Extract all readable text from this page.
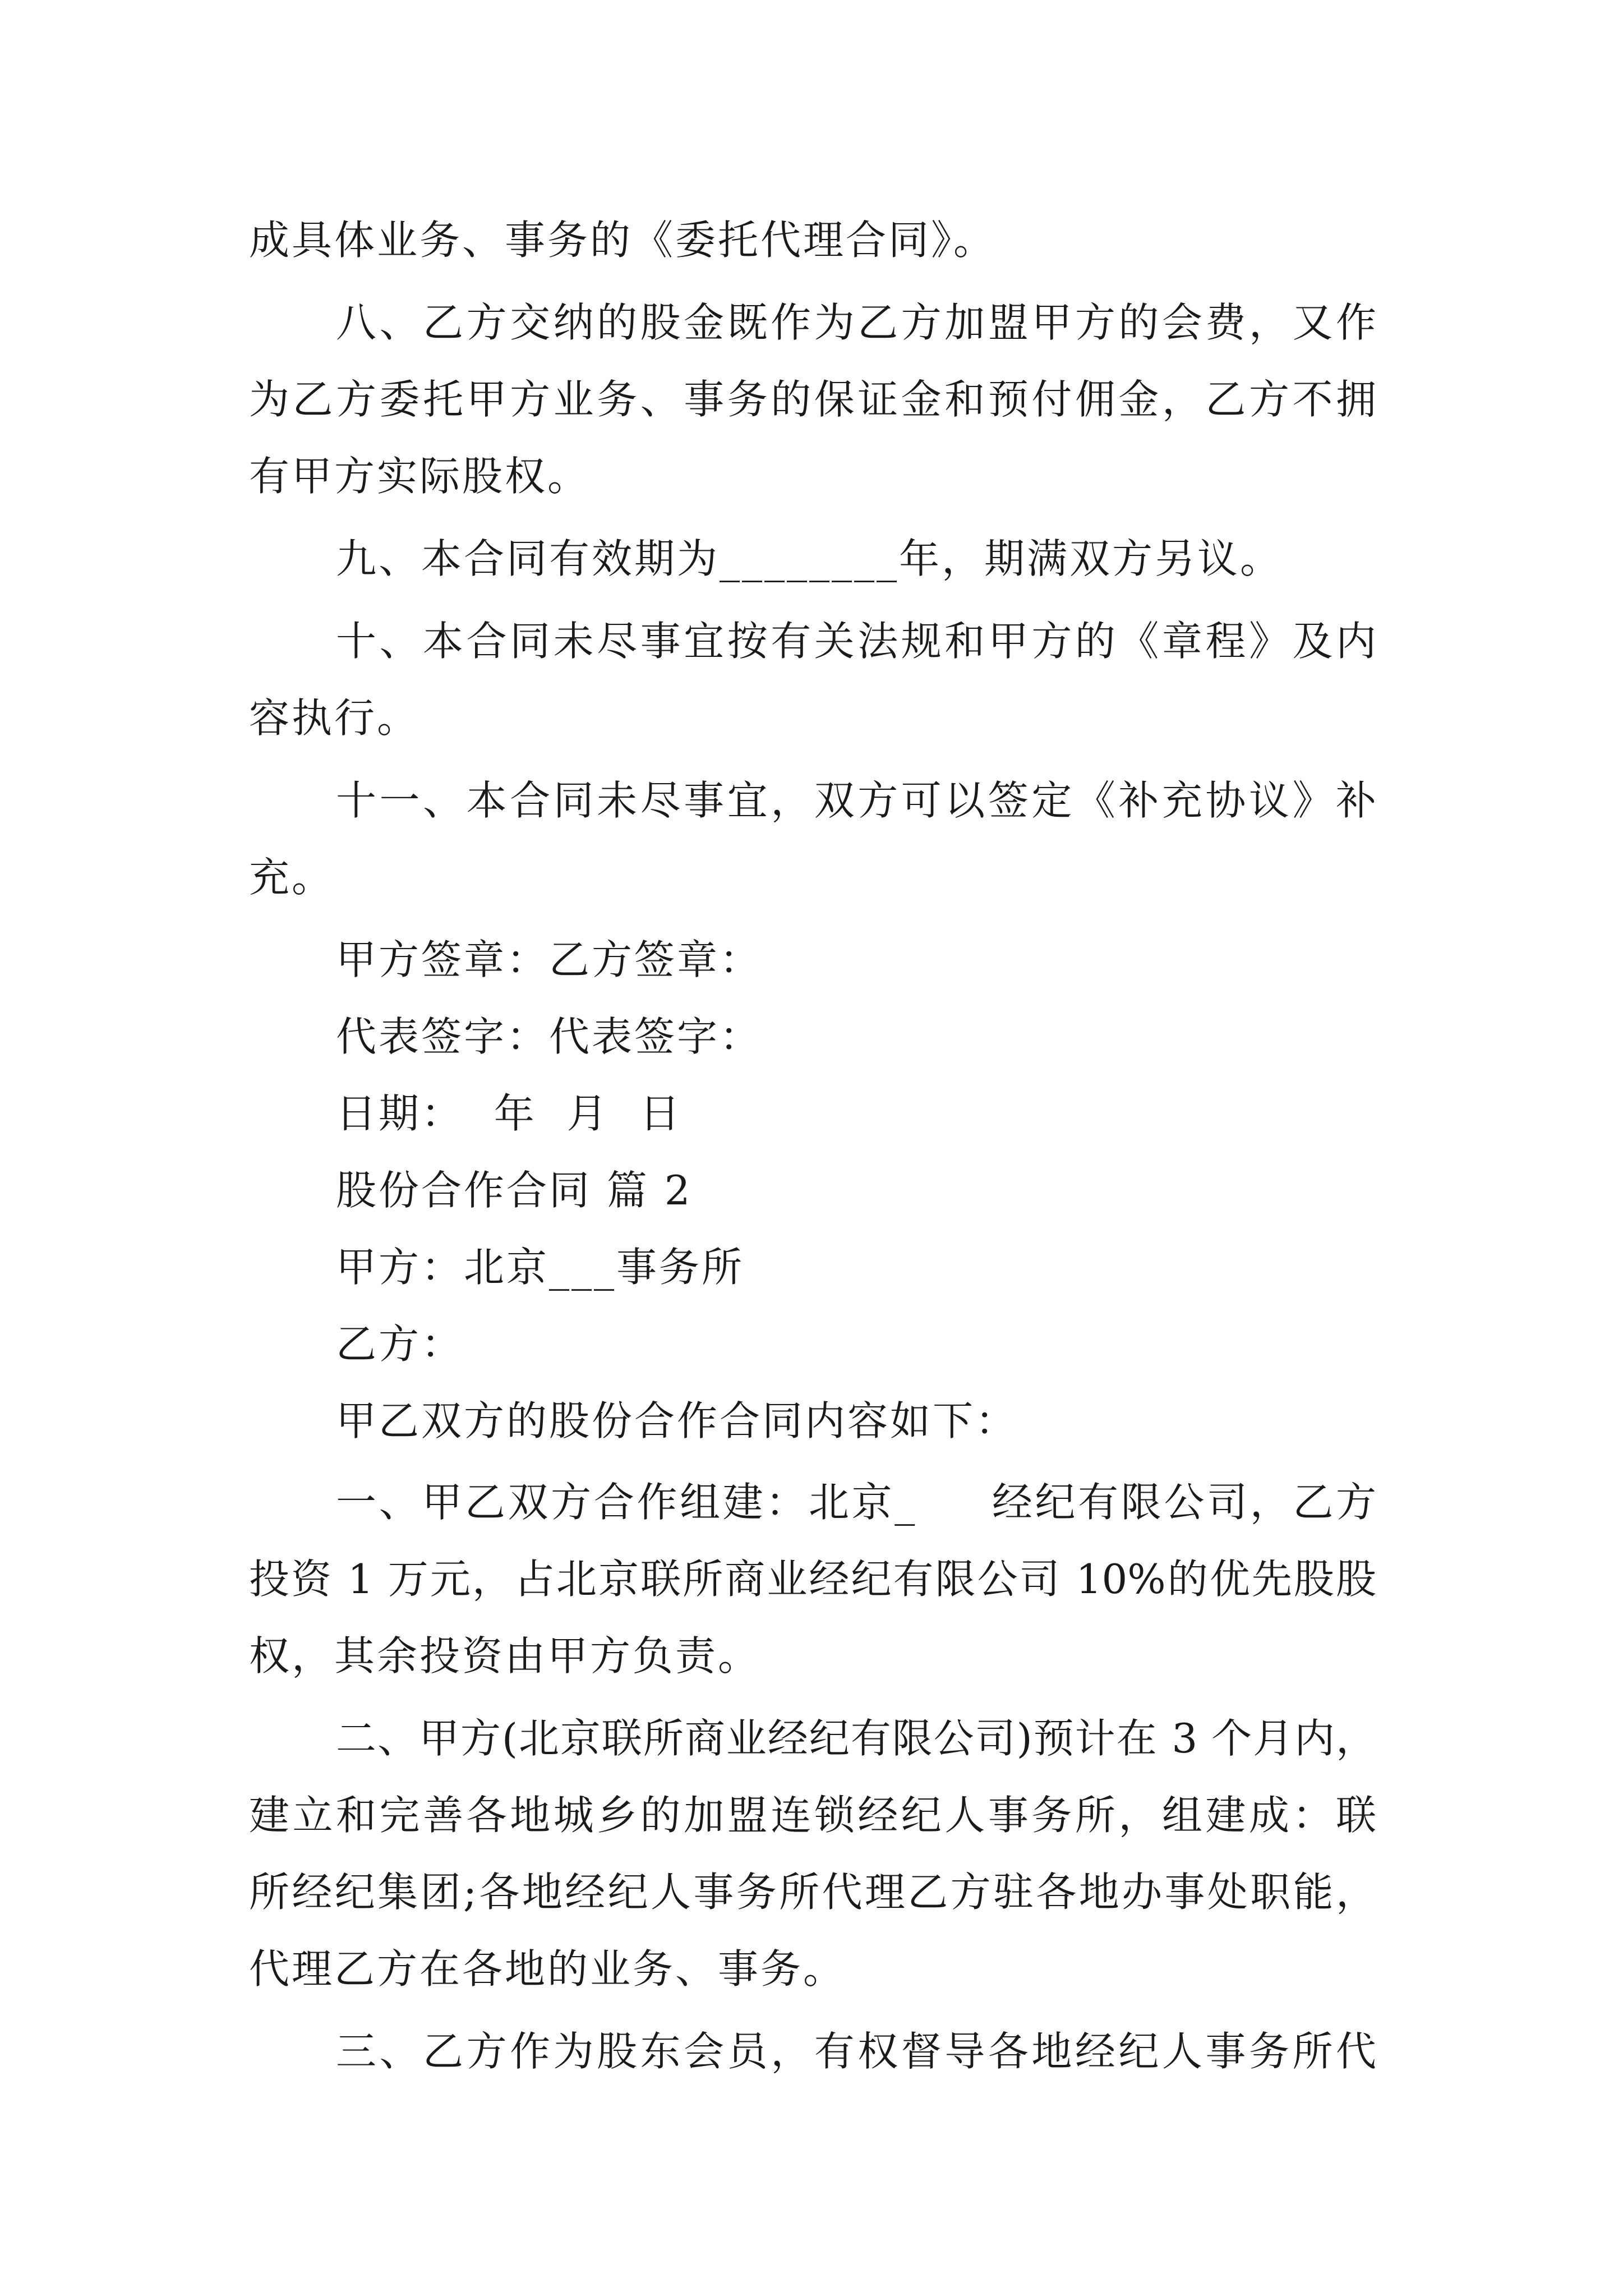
成具体业务、事务的《委托代理合同》。
八、乙方交纳的股金既作为乙方加盟甲方的会费，又作
为乙方委托甲方业务、事务的保证金和预付佣金，乙方不拥
有甲方实际股权。
九、本合同有效期为________年，期满双方另议。
十、本合同未尽事宜按有关法规和甲方的《章程》及内
容执行。
十一、本合同未尽事宜，双方可以签定《补充协议》补
充。
甲方签章：乙方签章：
代表签字：代表签字：
日期：  年  月  日
股份合作合同 篇 2
甲方：北京___事务所
乙方：
甲乙双方的股份合作合同内容如下：
一、甲乙双方合作组建：北京_     经纪有限公司，乙方
投资 1 万元，占北京联所商业经纪有限公司 10%的优先股股
权，其余投资由甲方负责。
二、甲方(北京联所商业经纪有限公司)预计在 3 个月内，
建立和完善各地城乡的加盟连锁经纪人事务所，组建成：联
所经纪集团;各地经纪人事务所代理乙方驻各地办事处职能，
代理乙方在各地的业务、事务。
三、乙方作为股东会员，有权督导各地经纪人事务所代
